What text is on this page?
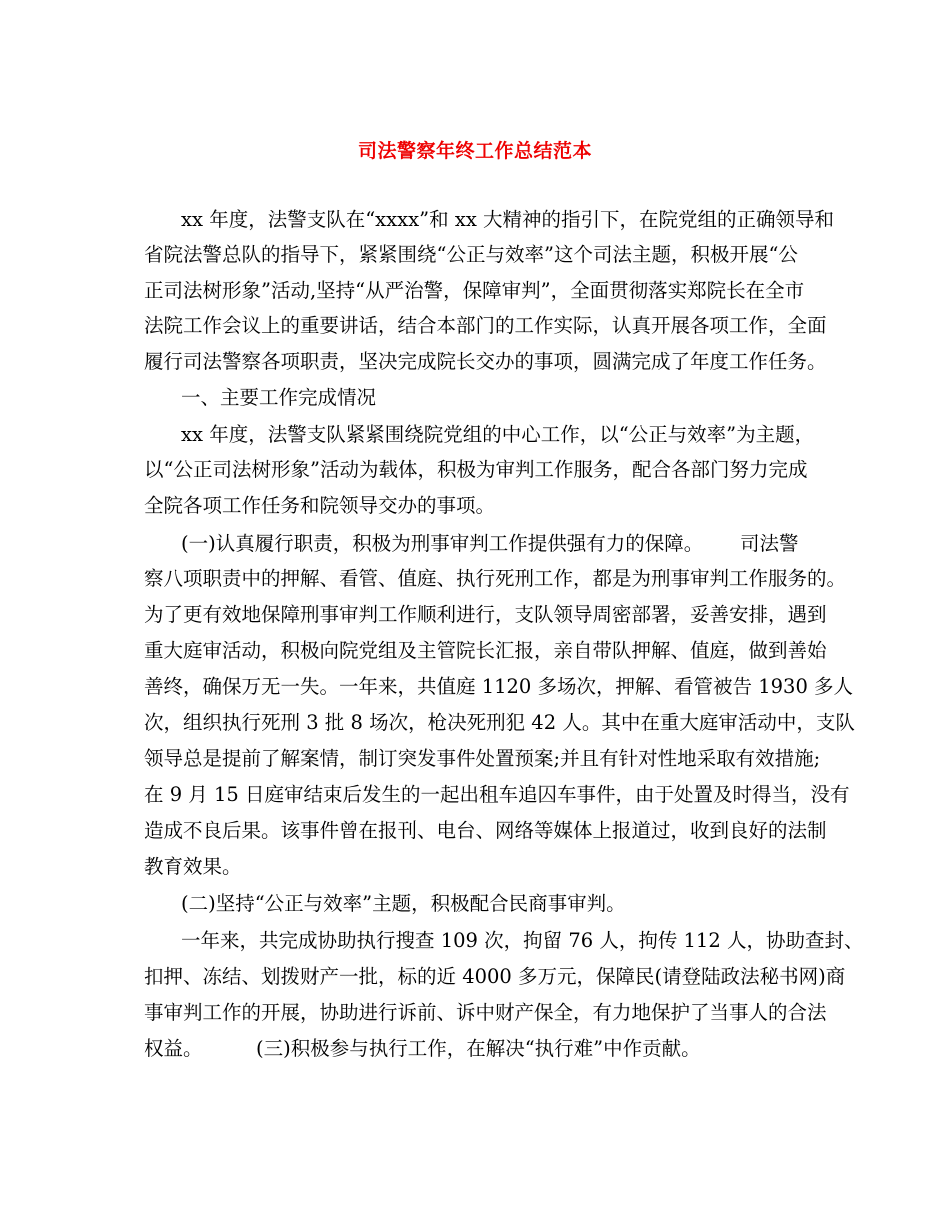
司法警察年终工作总结范本
xx 年度，法警支队在“xxxx”和 xx 大精神的指引下，在院党组的正确领导和
省院法警总队的指导下，紧紧围绕“公正与效率”这个司法主题，积极开展“公
正司法树形象”活动,坚持“从严治警，保障审判”，全面贯彻落实郑院长在全市
法院工作会议上的重要讲话，结合本部门的工作实际，认真开展各项工作，全面
履行司法警察各项职责，坚决完成院长交办的事项，圆满完成了年度工作任务。
一、主要工作完成情况
xx 年度，法警支队紧紧围绕院党组的中心工作，以“公正与效率”为主题，
以“公正司法树形象”活动为载体，积极为审判工作服务，配合各部门努力完成
全院各项工作任务和院领导交办的事项。
(一)认真履行职责，积极为刑事审判工作提供强有力的保障。 司法警
察八项职责中的押解、看管、值庭、执行死刑工作，都是为刑事审判工作服务的。
为了更有效地保障刑事审判工作顺利进行，支队领导周密部署，妥善安排，遇到
重大庭审活动，积极向院党组及主管院长汇报，亲自带队押解、值庭，做到善始
善终，确保万无一失。一年来，共值庭 1120 多场次，押解、看管被告 1930 多人
次，组织执行死刑 3 批 8 场次，枪决死刑犯 42 人。其中在重大庭审活动中，支队
领导总是提前了解案情，制订突发事件处置预案;并且有针对性地采取有效措施;
在 9 月 15 日庭审结束后发生的一起出租车追囚车事件，由于处置及时得当，没有
造成不良后果。该事件曾在报刊、电台、网络等媒体上报道过，收到良好的法制
教育效果。
(二)坚持“公正与效率”主题，积极配合民商事审判。
一年来，共完成协助执行搜查 109 次，拘留 76 人，拘传 112 人，协助查封、
扣押、冻结、划拨财产一批，标的近 4000 多万元，保障民(请登陆政法秘书网)商
事审判工作的开展，协助进行诉前、诉中财产保全，有力地保护了当事人的合法
权益。	(三)积极参与执行工作，在解决“执行难”中作贡献。
